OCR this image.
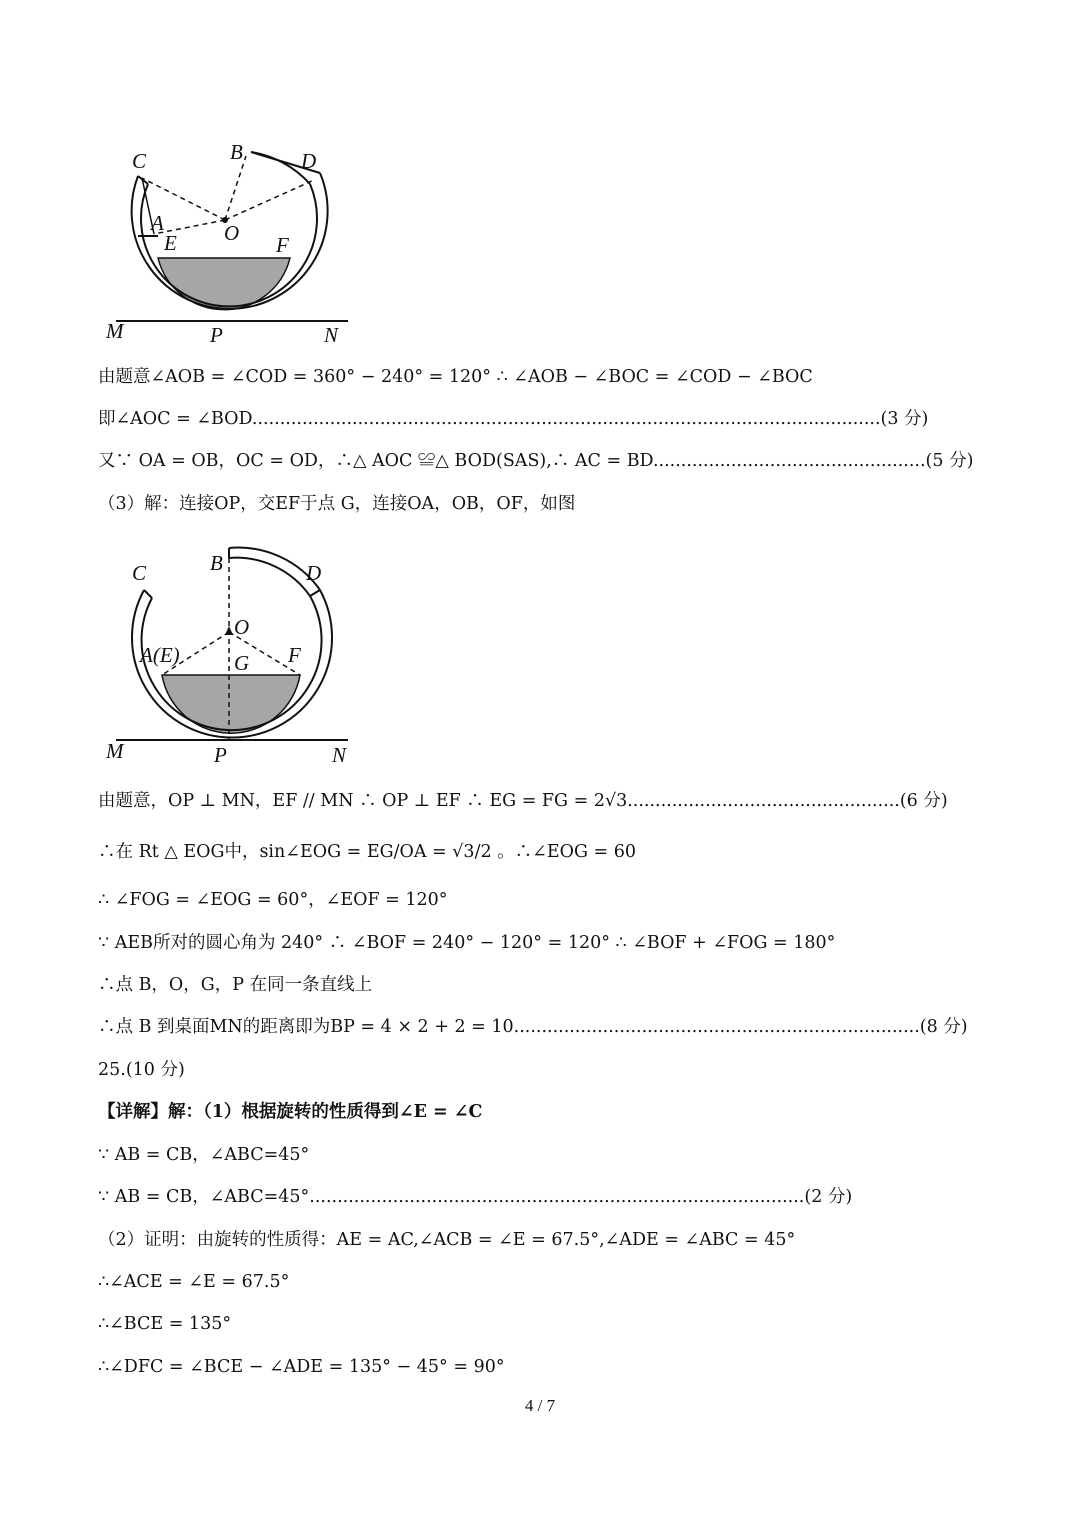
C	B	D
A
E O F
M	P	N
由题意∠AOB = ∠COD = 360° − 240° = 120° ∴ ∠AOB − ∠BOC = ∠COD − ∠BOC
即∠AOC = ∠BOD.................................................................................................................(3 分)
又∵ OA = OB，OC = OD，∴△ AOC ≌△ BOD(SAS),∴ AC = BD.................................................(5 分)
（3）解：连接OP，交EF于点 G，连接OA，OB，OF，如图
C	B	D
A(E)
O
G F
M	P	N
由题意，OP ⊥ MN，EF // MN ∴ OP ⊥ EF ∴ EG = FG = 2√3.................................................(6 分)
∴在 Rt △ EOG中，sin∠EOG = EG/OA = √3/2 。∴∠EOG = 60
∴ ∠FOG = ∠EOG = 60°，∠EOF = 120°
∵ AEB所对的圆心角为 240° ∴ ∠BOF = 240° − 120° = 120° ∴ ∠BOF + ∠FOG = 180°
∴点 B，O，G，P 在同一条直线上
∴点 B 到桌面MN的距离即为BP = 4 × 2 + 2 = 10.........................................................................(8 分)
25.(10 分)
【详解】解：（1）根据旋转的性质得到∠E = ∠C
∵ AB = CB，∠ABC=45°
∵ AB = CB，∠ABC=45°.........................................................................................(2 分)
（2）证明：由旋转的性质得：AE = AC,∠ACB = ∠E = 67.5°,∠ADE = ∠ABC = 45°
∴∠ACE = ∠E = 67.5°
∴∠BCE = 135°
∴∠DFC = ∠BCE − ∠ADE = 135° − 45° = 90°
4 / 7
